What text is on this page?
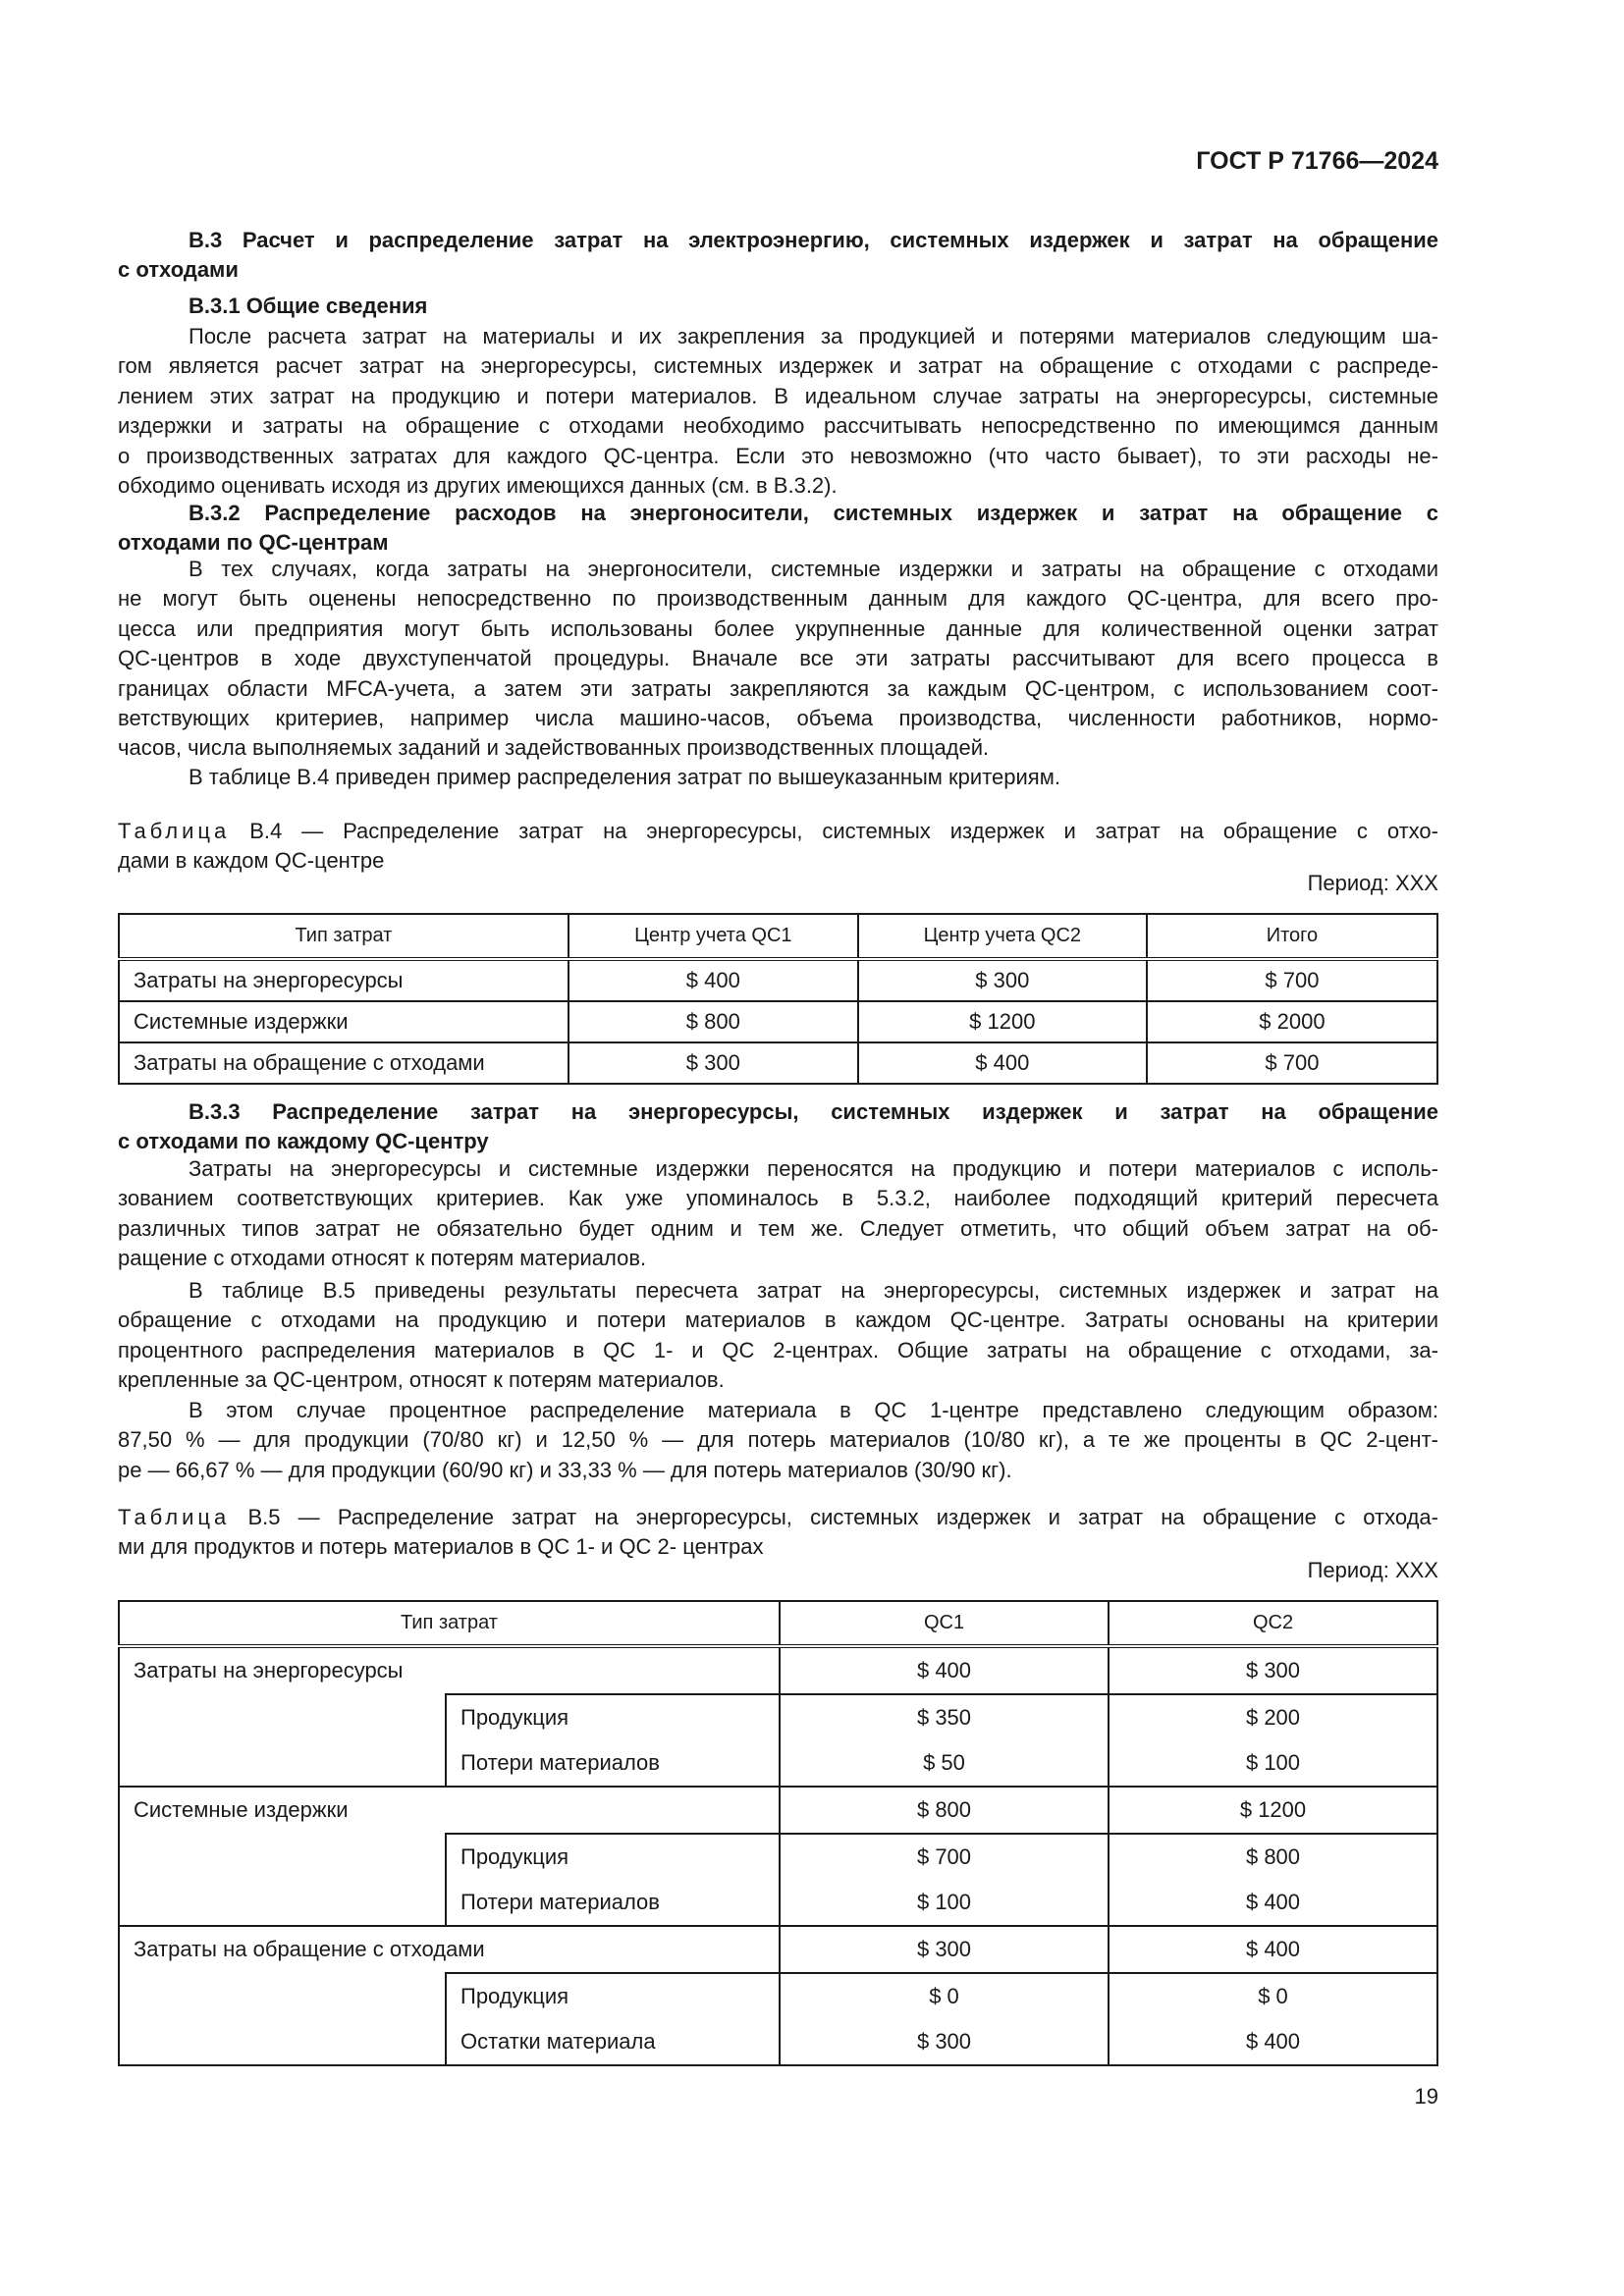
ГОСТ Р 71766—2024
В.3 Расчет и распределение затрат на электроэнергию, системных издержек и затрат на обращение
с отходами
В.3.1 Общие сведения
После расчета затрат на материалы и их закрепления за продукцией и потерями материалов следующим ша-
гом является расчет затрат на энергоресурсы, системных издержек и затрат на обращение с отходами с распреде-
лением этих затрат на продукцию и потери материалов. В идеальном случае затраты на энергоресурсы, системные
издержки и затраты на обращение с отходами необходимо рассчитывать непосредственно по имеющимся данным
о производственных затратах для каждого QC-центра. Если это невозможно (что часто бывает), то эти расходы не-
обходимо оценивать исходя из других имеющихся данных (см. в В.3.2).
В.3.2 Распределение расходов на энергоносители, системных издержек и затрат на обращение с
отходами по QC-центрам
В тех случаях, когда затраты на энергоносители, системные издержки и затраты на обращение с отходами
не могут быть оценены непосредственно по производственным данным для каждого QC-центра, для всего про-
цесса или предприятия могут быть использованы более укрупненные данные для количественной оценки затрат
QC-центров в ходе двухступенчатой процедуры. Вначале все эти затраты рассчитывают для всего процесса в
границах области MFCA-учета, а затем эти затраты закрепляются за каждым QC-центром, с использованием соот-
ветствующих критериев, например числа машино-часов, объема производства, численности работников, нормо-
часов, числа выполняемых заданий и задействованных производственных площадей.
В таблице В.4 приведен пример распределения затрат по вышеуказанным критериям.
Таблица В.4 — Распределение затрат на энергоресурсы, системных издержек и затрат на обращение с отхо-
дами в каждом QC-центре
В.3.3 Распределение затрат на энергоресурсы, системных издержек и затрат на обращение
с отходами по каждому QC-центру
Затраты на энергоресурсы и системные издержки переносятся на продукцию и потери материалов с исполь-
зованием соответствующих критериев. Как уже упоминалось в 5.3.2, наиболее подходящий критерий пересчета
различных типов затрат не обязательно будет одним и тем же. Следует отметить, что общий объем затрат на об-
ращение с отходами относят к потерям материалов.
В таблице В.5 приведены результаты пересчета затрат на энергоресурсы, системных издержек и затрат на
обращение с отходами на продукцию и потери материалов в каждом QC-центре. Затраты основаны на критерии
процентного распределения материалов в QC 1- и QC 2-центрах. Общие затраты на обращение с отходами, за-
крепленные за QC-центром, относят к потерям материалов.
В этом случае процентное распределение материала в QC 1-центре представлено следующим образом:
87,50 % — для продукции (70/80 кг) и 12,50 % — для потерь материалов (10/80 кг), а те же проценты в QC 2-цент-
ре — 66,67 % — для продукции (60/90 кг) и 33,33 % — для потерь материалов (30/90 кг).
Таблица В.5 — Распределение затрат на энергоресурсы, системных издержек и затрат на обращение с отхода-
ми для продуктов и потерь материалов в QC 1- и QC 2- центрах
Период: XXX
Тип затрат	Центр учета QC1	Центр учета QC2	Итого
Затраты на энергоресурсы	$ 400	$ 300	$ 700
Системные издержки	$ 800	$ 1200	$ 2000
Затраты на обращение с отходами	$ 300	$ 400	$ 700
Период: XXX
Тип затрат		QC1	QC2
Затраты на энергоресурсы		$ 400	$ 300
	Продукция	$ 350	$ 200
	Потери материалов	$ 50	$ 100
Системные издержки		$ 800	$ 1200
	Продукция	$ 700	$ 800
	Потери материалов	$ 100	$ 400
Затраты на обращение с отходами		$ 300	$ 400
	Продукция	$ 0	$ 0
	Остатки материала	$ 300	$ 400
19
